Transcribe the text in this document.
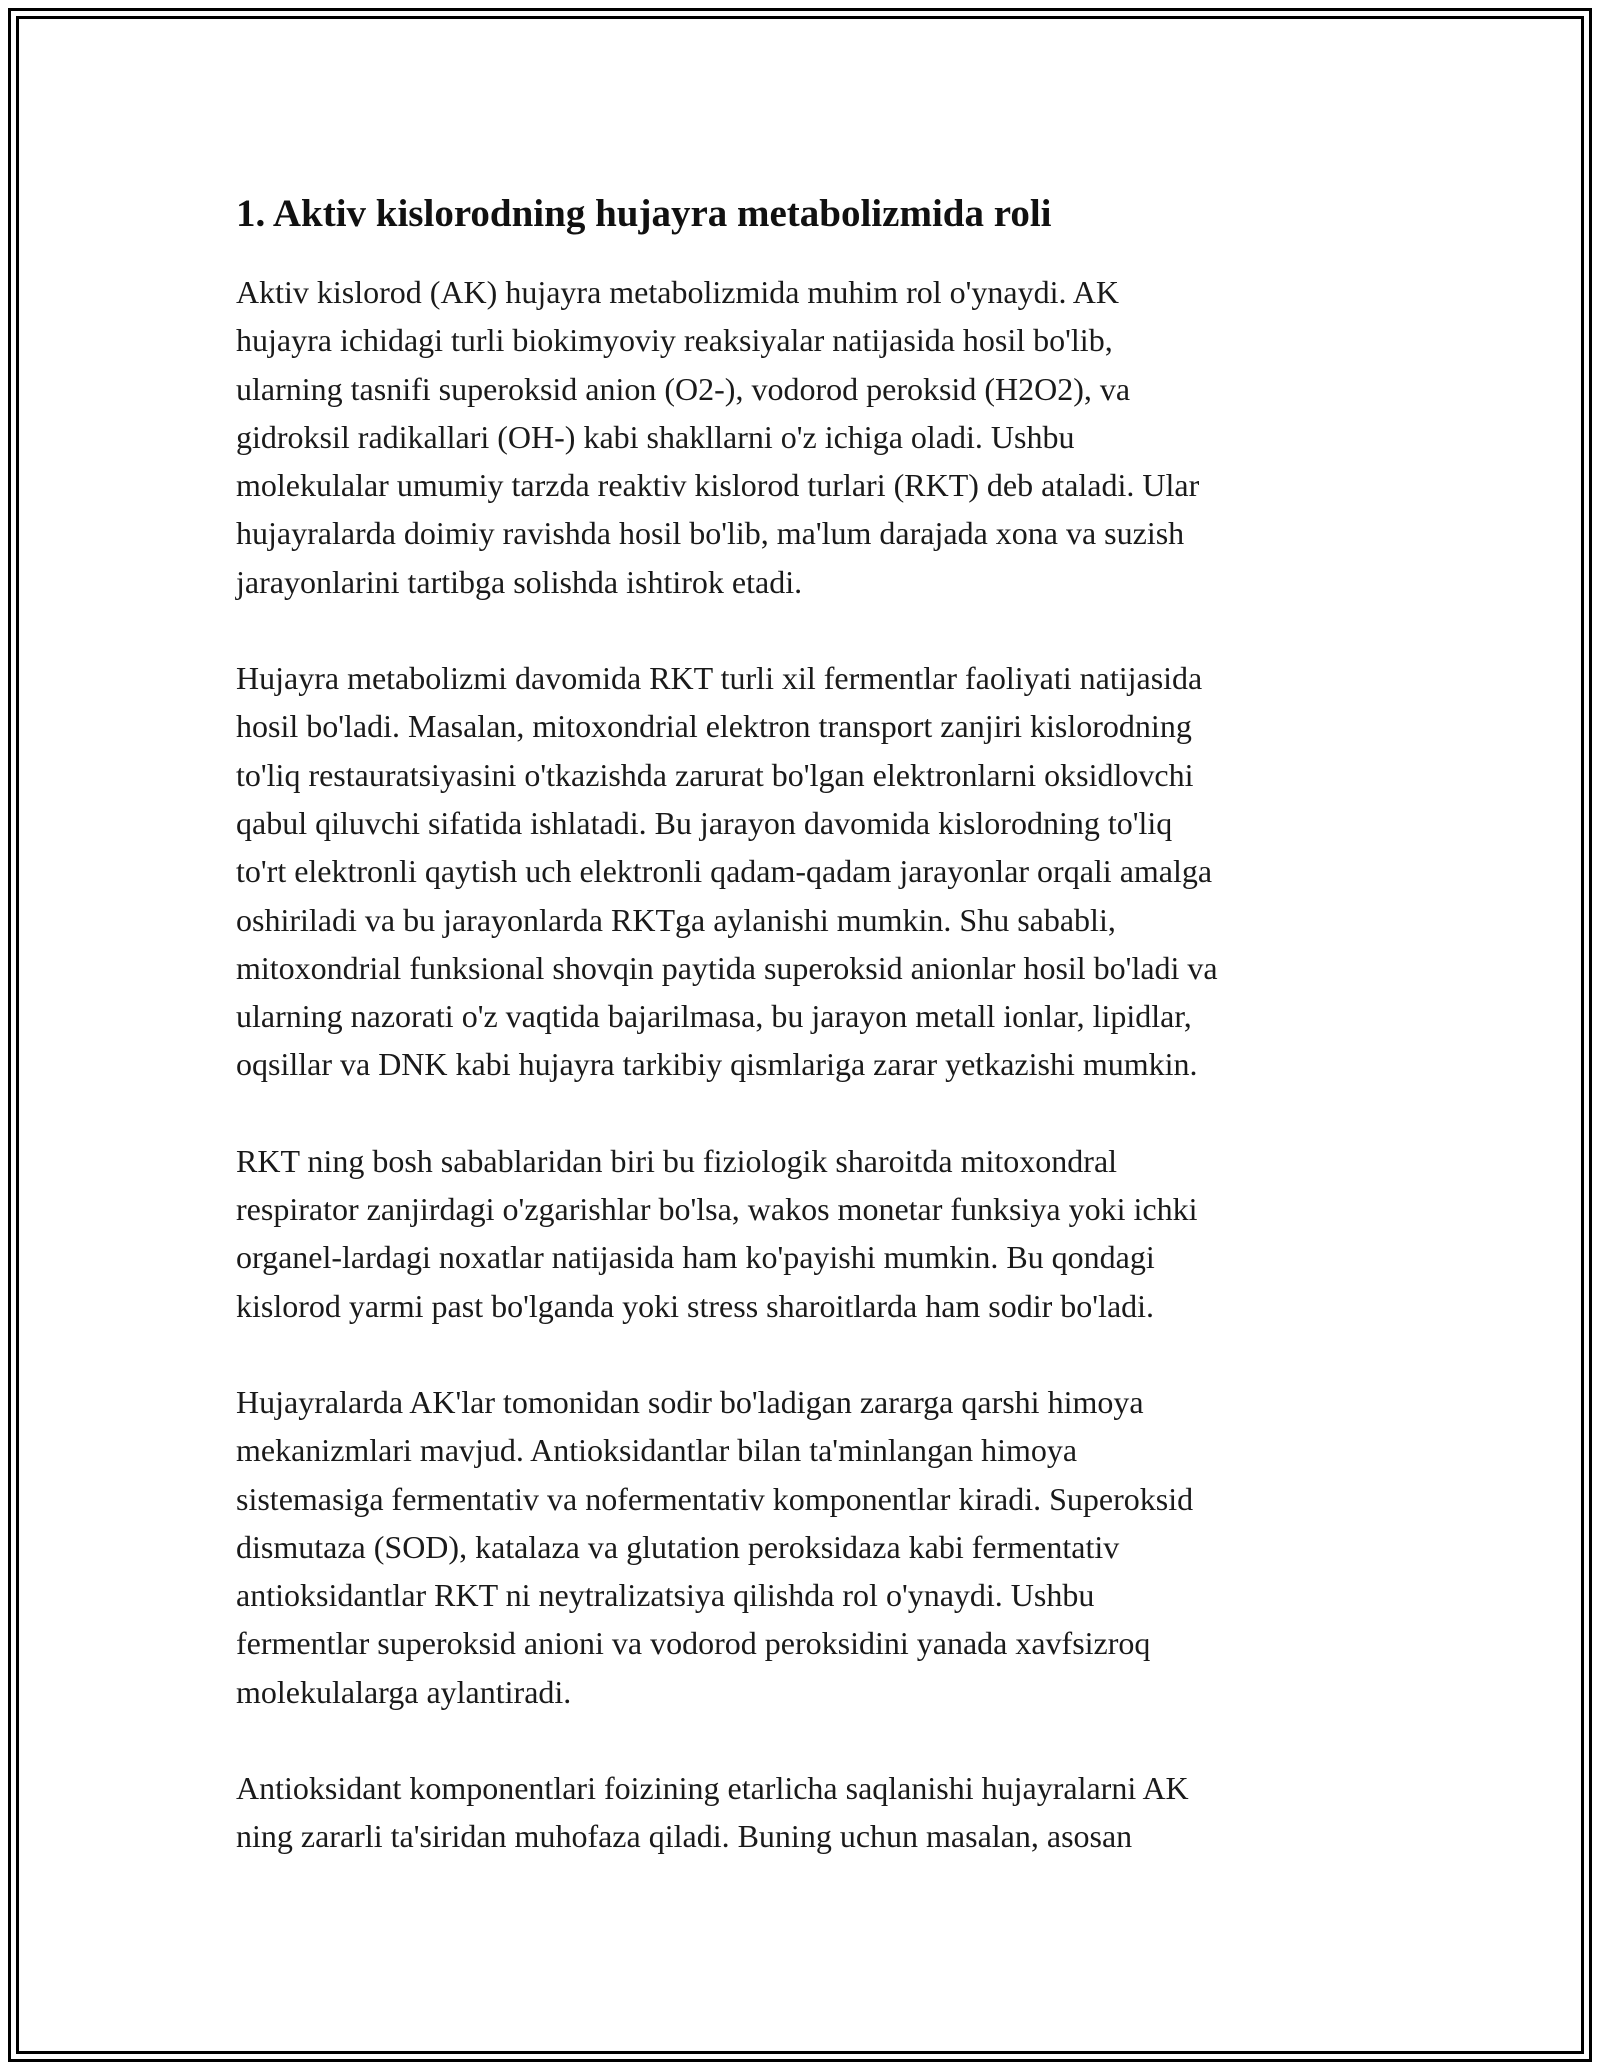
1. Aktiv kislorodning hujayra metabolizmida roli

Aktiv kislorod (AK) hujayra metabolizmida muhim rol o'ynaydi. AK
hujayra ichidagi turli biokimyoviy reaksiyalar natijasida hosil bo'lib,
ularning tasnifi superoksid anion (O2-), vodorod peroksid (H2O2), va
gidroksil radikallari (OH-) kabi shakllarni o'z ichiga oladi. Ushbu
molekulalar umumiy tarzda reaktiv kislorod turlari (RKT) deb ataladi. Ular
hujayralarda doimiy ravishda hosil bo'lib, ma'lum darajada xona va suzish
jarayonlarini tartibga solishda ishtirok etadi.

Hujayra metabolizmi davomida RKT turli xil fermentlar faoliyati natijasida
hosil bo'ladi. Masalan, mitoxondrial elektron transport zanjiri kislorodning
to'liq restauratsiyasini o'tkazishda zarurat bo'lgan elektronlarni oksidlovchi
qabul qiluvchi sifatida ishlatadi. Bu jarayon davomida kislorodning to'liq
to'rt elektronli qaytish uch elektronli qadam-qadam jarayonlar orqali amalga
oshiriladi va bu jarayonlarda RKTga aylanishi mumkin. Shu sababli,
mitoxondrial funksional shovqin paytida superoksid anionlar hosil bo'ladi va
ularning nazorati o'z vaqtida bajarilmasa, bu jarayon metall ionlar, lipidlar,
oqsillar va DNK kabi hujayra tarkibiy qismlariga zarar yetkazishi mumkin.

RKT ning bosh sabablaridan biri bu fiziologik sharoitda mitoxondral
respirator zanjirdagi o'zgarishlar bo'lsa, wakos monetar funksiya yoki ichki
organel-lardagi noxatlar natijasida ham ko'payishi mumkin. Bu qondagi
kislorod yarmi past bo'lganda yoki stress sharoitlarda ham sodir bo'ladi.

Hujayralarda AK'lar tomonidan sodir bo'ladigan zararga qarshi himoya
mekanizmlari mavjud. Antioksidantlar bilan ta'minlangan himoya
sistemasiga fermentativ va nofermentativ komponentlar kiradi. Superoksid
dismutaza (SOD), katalaza va glutation peroksidaza kabi fermentativ
antioksidantlar RKT ni neytralizatsiya qilishda rol o'ynaydi. Ushbu
fermentlar superoksid anioni va vodorod peroksidini yanada xavfsizroq
molekulalarga aylantiradi.

Antioksidant komponentlari foizining etarlicha saqlanishi hujayralarni AK
ning zararli ta'siridan muhofaza qiladi. Buning uchun masalan, asosan
